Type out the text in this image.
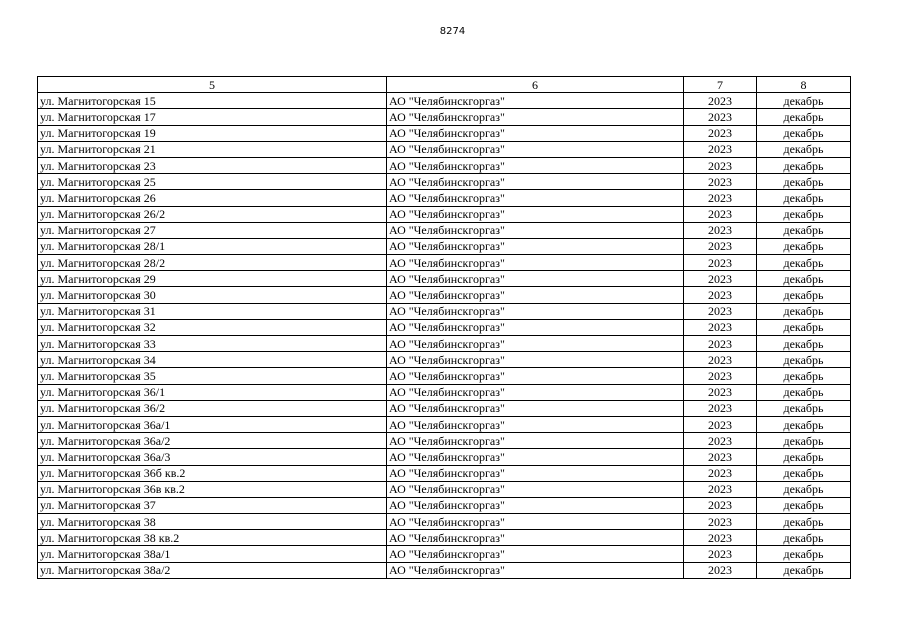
8274
5	6	7	8
ул. Магнитогорская 15	АО "Челябинскгоргаз"	2023	декабрь
ул. Магнитогорская 17	АО "Челябинскгоргаз"	2023	декабрь
ул. Магнитогорская 19	АО "Челябинскгоргаз"	2023	декабрь
ул. Магнитогорская 21	АО "Челябинскгоргаз"	2023	декабрь
ул. Магнитогорская 23	АО "Челябинскгоргаз"	2023	декабрь
ул. Магнитогорская 25	АО "Челябинскгоргаз"	2023	декабрь
ул. Магнитогорская 26	АО "Челябинскгоргаз"	2023	декабрь
ул. Магнитогорская 26/2	АО "Челябинскгоргаз"	2023	декабрь
ул. Магнитогорская 27	АО "Челябинскгоргаз"	2023	декабрь
ул. Магнитогорская 28/1	АО "Челябинскгоргаз"	2023	декабрь
ул. Магнитогорская 28/2	АО "Челябинскгоргаз"	2023	декабрь
ул. Магнитогорская 29	АО "Челябинскгоргаз"	2023	декабрь
ул. Магнитогорская 30	АО "Челябинскгоргаз"	2023	декабрь
ул. Магнитогорская 31	АО "Челябинскгоргаз"	2023	декабрь
ул. Магнитогорская 32	АО "Челябинскгоргаз"	2023	декабрь
ул. Магнитогорская 33	АО "Челябинскгоргаз"	2023	декабрь
ул. Магнитогорская 34	АО "Челябинскгоргаз"	2023	декабрь
ул. Магнитогорская 35	АО "Челябинскгоргаз"	2023	декабрь
ул. Магнитогорская 36/1	АО "Челябинскгоргаз"	2023	декабрь
ул. Магнитогорская 36/2	АО "Челябинскгоргаз"	2023	декабрь
ул. Магнитогорская 36а/1	АО "Челябинскгоргаз"	2023	декабрь
ул. Магнитогорская 36а/2	АО "Челябинскгоргаз"	2023	декабрь
ул. Магнитогорская 36а/3	АО "Челябинскгоргаз"	2023	декабрь
ул. Магнитогорская 36б кв.2	АО "Челябинскгоргаз"	2023	декабрь
ул. Магнитогорская 36в кв.2	АО "Челябинскгоргаз"	2023	декабрь
ул. Магнитогорская 37	АО "Челябинскгоргаз"	2023	декабрь
ул. Магнитогорская 38	АО "Челябинскгоргаз"	2023	декабрь
ул. Магнитогорская 38 кв.2	АО "Челябинскгоргаз"	2023	декабрь
ул. Магнитогорская 38а/1	АО "Челябинскгоргаз"	2023	декабрь
ул. Магнитогорская 38а/2	АО "Челябинскгоргаз"	2023	декабрь
